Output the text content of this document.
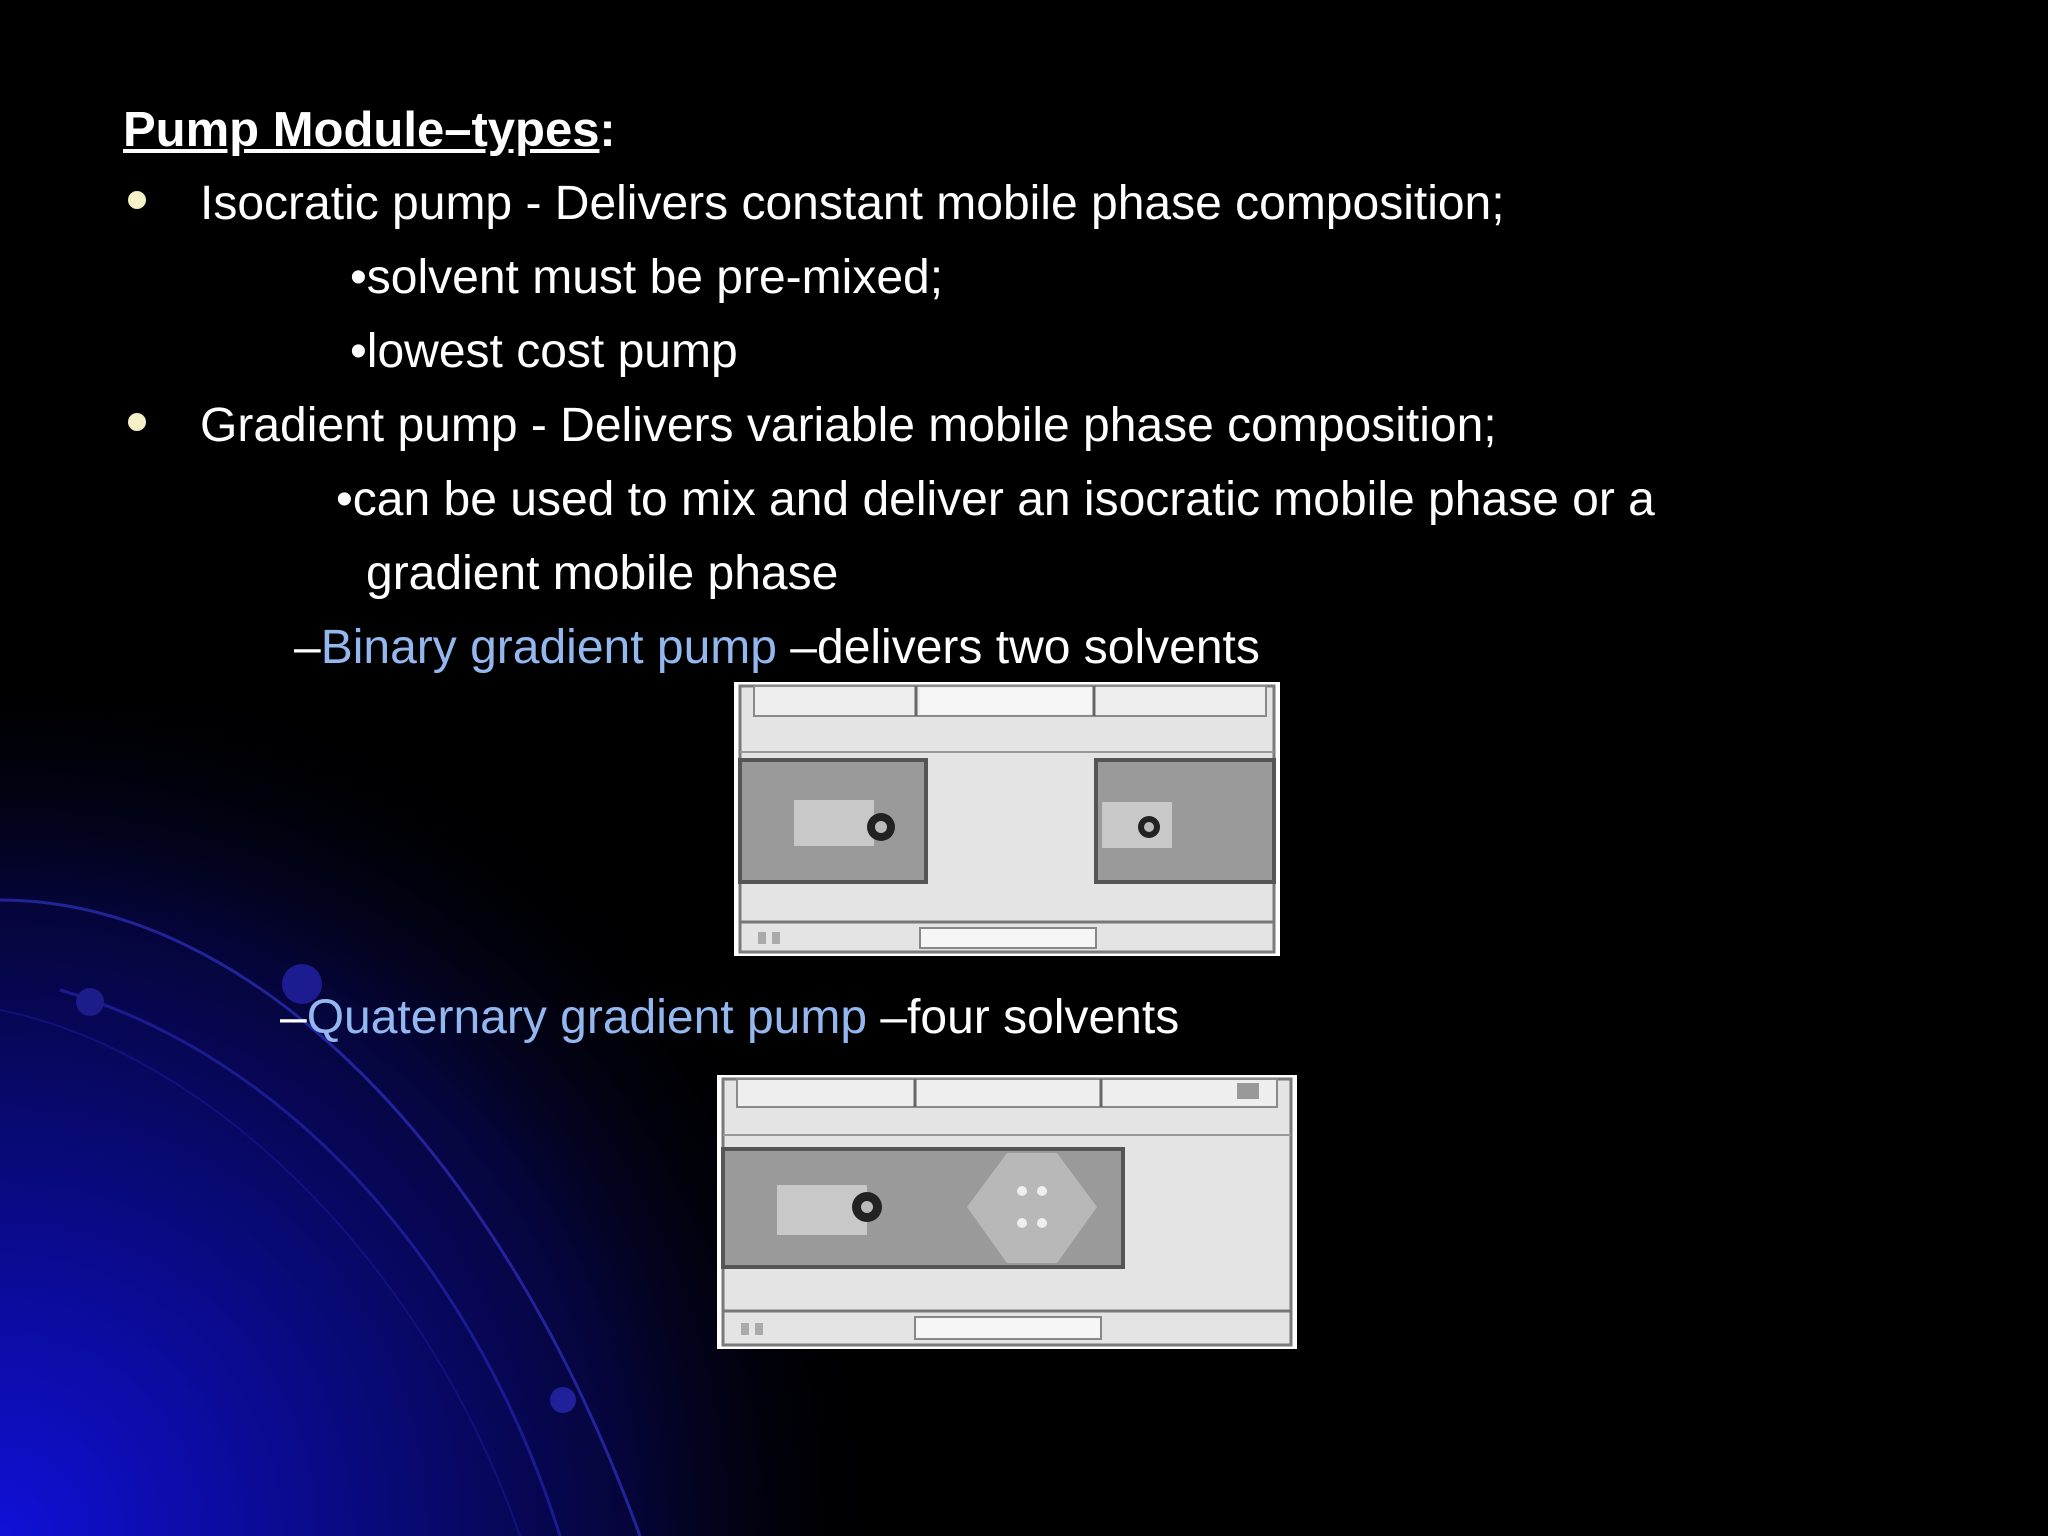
Pump Module–types:
Isocratic pump - Delivers constant mobile phase composition;
•solvent must be pre-mixed;
•lowest cost pump
Gradient pump - Delivers variable mobile phase composition;
•can be used to mix and deliver an isocratic mobile phase or a
gradient mobile phase
–Binary gradient pump –delivers two solvents
–Quaternary gradient pump –four solvents
